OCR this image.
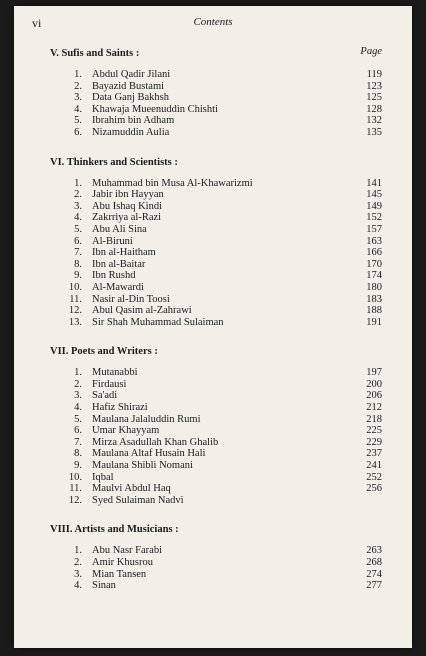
vi	Contents
Page
V. Sufis and Saints :
1. Abdul Qadir Jilani	119
2. Bayazid Bustami	123
3. Data Ganj Bakhsh	125
4. Khawaja Mueenuddin Chishti	128
5. Ibrahim bin Adham	132
6. Nizamuddin Aulia	135
VI. Thinkers and Scientists :
1. Muhammad bin Musa Al-Khawarizmi	141
2. Jabir ibn Hayyan	145
3. Abu Ishaq Kindi	149
4. Zakrriya al-Razi	152
5. Abu Ali Sina	157
6. Al-Biruni	163
7. Ibn al-Haitham	166
8. Ibn al-Baitar	170
9. Ibn Rushd	174
10. Al-Mawardi	180
11. Nasir al-Din Toosi	183
12. Abul Qasim al-Zahrawi	188
13. Sir Shah Muhammad Sulaiman	191
VII. Poets and Writers :
1. Mutanabbi	197
2. Firdausi	200
3. Sa'adi	206
4. Hafiz Shirazi	212
5. Maulana Jalaluddin Rumi	218
6. Umar Khayyam	225
7. Mirza Asadullah Khan Ghalib	229
8. Maulana Altaf Husain Hali	237
9. Maulana Shibli Nomani	241
10. Iqbal	252
11. Maulvi Abdul Haq	256
12. Syed Sulaiman Nadvi
VIII. Artists and Musicians :
1. Abu Nasr Farabi	263
2. Amir Khusrou	268
3. Mian Tansen	274
4. Sinan	277
